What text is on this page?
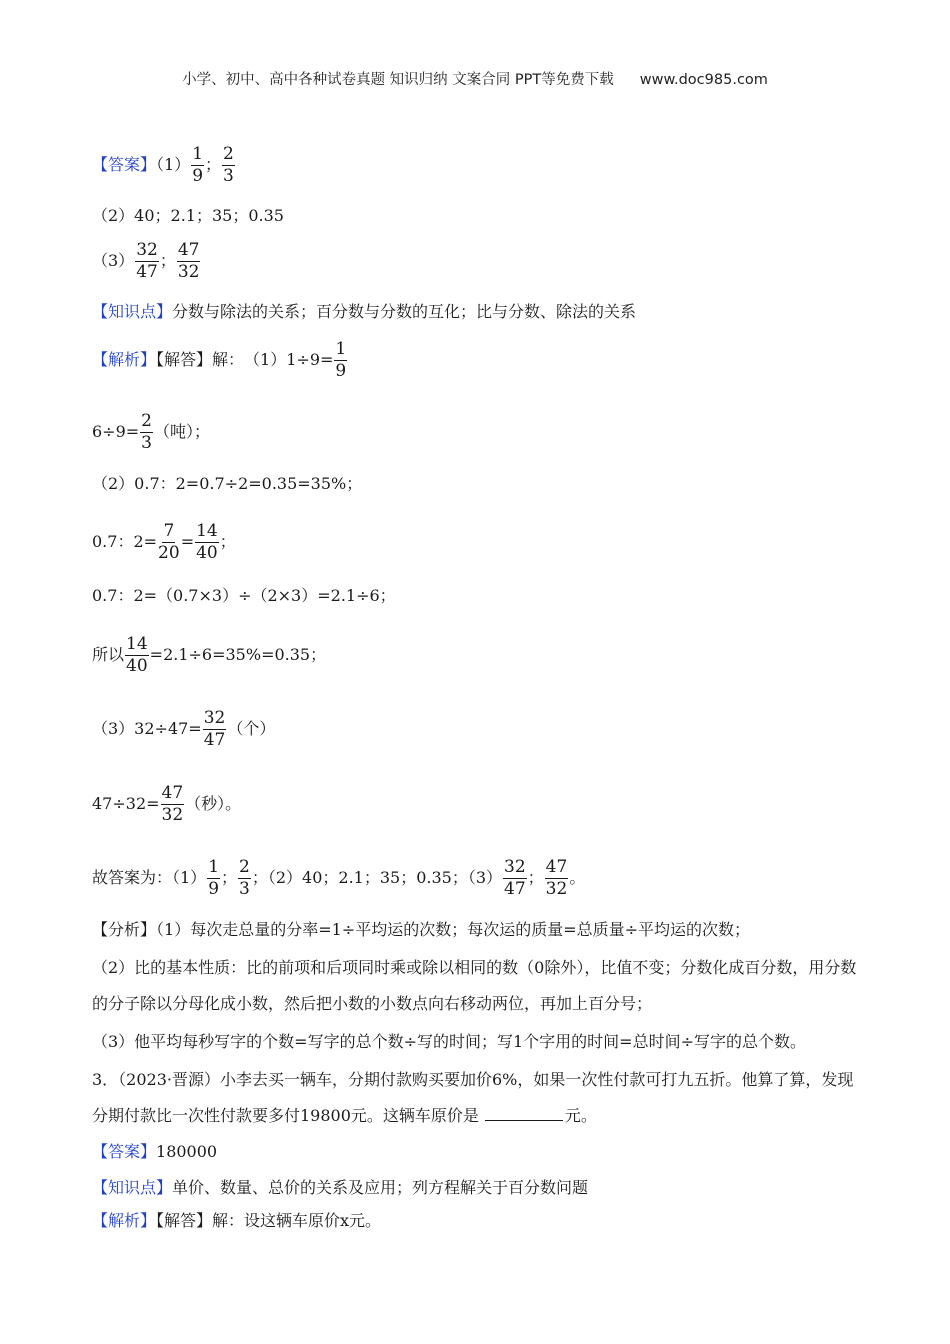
小学、初中、高中各种试卷真题 知识归纳 文案合同 PPT等免费下载 www.doc985.com
【答案】$(1) \frac{1}{9}$ ； $\frac{2}{3}$
（2）40；2.1；35；0.35
$(3) \frac{32}{47}$ ； $\frac{47}{32}$
【知识点】分数与除法的关系；百分数与分数的互化；比与分数、除法的关系
【解析】【解答】解： $(1)1\div 9= \frac{1}{9}$
$6\div 9= \frac{2}{3}$ （吨）；
（2）0.7：2=0.7÷2=0.35=35%；
0.7：$2= \frac{7}{20} = \frac{14}{40}$ ；
0.7：2=（0.7×3）÷（2×3）=2.1÷6；
所以 $\frac{14}{40} =2.1\div 6=35\%=0.35$；
$(3)32\div 47= \frac{32}{47}$ （个）
$47\div 32= \frac{47}{32}$ （秒）。
故答案为：$(1) \frac{1}{9}$ ； $\frac{2}{3}$ ；（2）40；2.1；35；0.35；$(3) \frac{32}{47}$ ； $\frac{47}{32}$ 。
【分析】（1）每次走总量的分率=1÷平均运的次数；每次运的质量=总质量÷平均运的次数；
（2）比的基本性质：比的前项和后项同时乘或除以相同的数（0除外），比值不变；分数化成百分数，用分数的分子除以分母化成小数，然后把小数的小数点向右移动两位，再加上百分号；
（3）他平均每秒写字的个数=写字的总个数÷写的时间；写1个字用的时间=总时间÷写字的总个数。
3．（2023·晋源）小李去买一辆车，分期付款购买要加价6%，如果一次性付款可打九五折。他算了算，发现分期付款比一次性付款要多付19800元。这辆车原价是	元。
【答案】180000
【知识点】单价、数量、总价的关系及应用；列方程解关于百分数问题
【解析】【解答】解：设这辆车原价x元。
